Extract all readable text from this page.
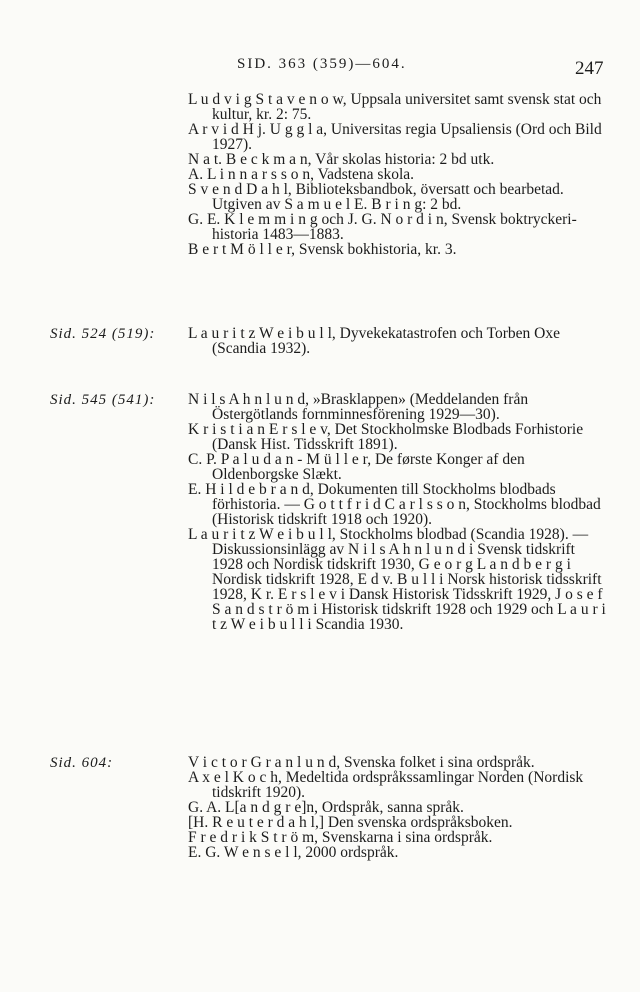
SID. 363 (359)—604.	247

L u d v i g S t a v e n o w, Uppsala universitet samt svensk stat och kultur, kr. 2: 75.

A r v i d H j. U g g l a, Universitas regia Upsaliensis (Ord och Bild 1927).

N a t. B e c k m a n, Vår skolas historia: 2 bd utk.

A. L i n n a r s s o n, Vadstena skola.

S v e n d D a h l, Biblioteksbandbok, översatt och bearbetad. Utgiven av S a m u e l E. B r i n g: 2 bd.

G. E. K l e m m i n g och J. G. N o r d i n, Svensk boktryckeri-historia 1483—1883.

B e r t M ö l l e r, Svensk bokhistoria, kr. 3.

Sid. 524 (519): L a u r i t z W e i b u l l, Dyvekekatastrofen och Torben Oxe (Scandia 1932).

Sid. 545 (541): N i l s A h n l u n d, »Brasklappen» (Meddelanden från Östergötlands fornminnesförening 1929—30).

K r i s t i a n E r s l e v, Det Stockholmske Blodbads Forhistorie (Dansk Hist. Tidsskrift 1891).

C. P. P a l u d a n - M ü l l e r, De første Konger af den Oldenborgske Slækt.

E. H i l d e b r a n d, Dokumenten till Stockholms blodbads förhistoria. — G o t t f r i d C a r l s s o n, Stockholms blodbad (Historisk tidskrift 1918 och 1920).

L a u r i t z W e i b u l l, Stockholms blodbad (Scandia 1928). — Diskussionsinlägg av N i l s A h n l u n d i Svensk tidskrift 1928 och Nordisk tidskrift 1930, G e o r g L a n d b e r g i Nordisk tidskrift 1928, E d v. B u l l i Norsk historisk tidsskrift 1928, K r. E r s l e v i Dansk Historisk Tidsskrift 1929, J o s e f S a n d s t r ö m i Historisk tidskrift 1928 och 1929 och L a u r i t z W e i b u l l i Scandia 1930.

Sid. 604:	V i c t o r G r a n l u n d, Svenska folket i sina ordspråk.

A x e l K o c h, Medeltida ordspråkssamlingar Norden (Nordisk tidskrift 1920).

G. A. L[a n d g r e]n, Ordspråk, sanna språk.

[H. R e u t e r d a h l,] Den svenska ordspråksboken.

F r e d r i k S t r ö m, Svenskarna i sina ordspråk.

E. G. W e n s e l l, 2000 ordspråk.
